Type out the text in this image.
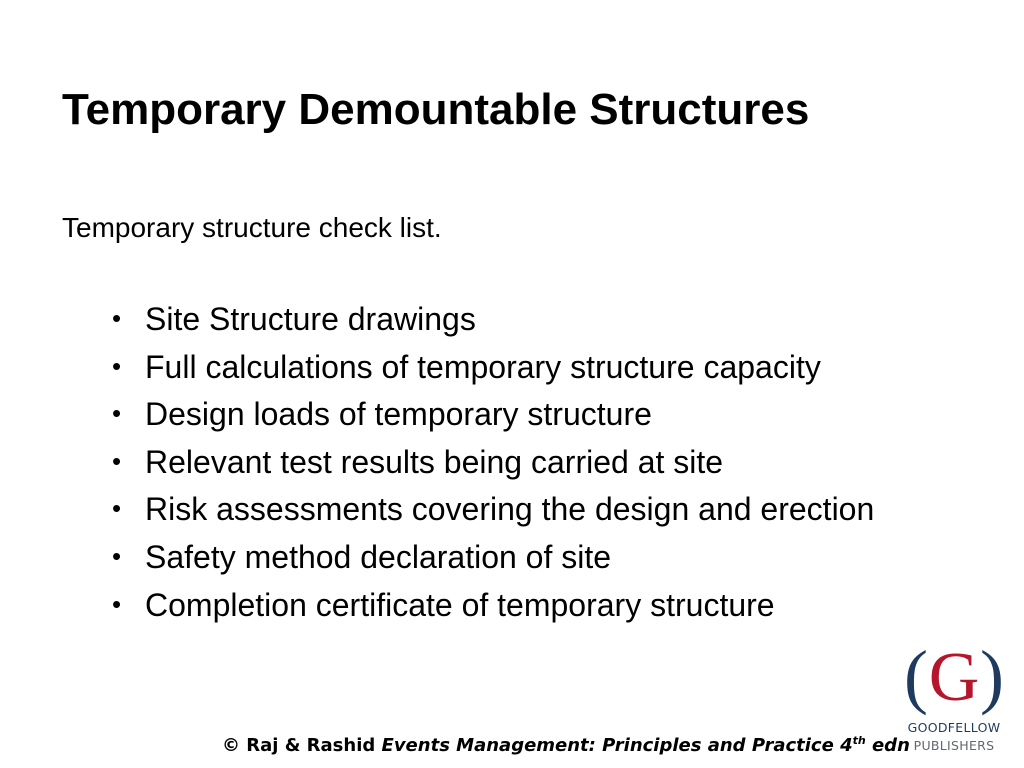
Temporary Demountable Structures

Temporary structure check list.

• Site Structure drawings
• Full calculations of temporary structure capacity
• Design loads of temporary structure
• Relevant test results being carried at site
• Risk assessments covering the design and erection
• Safety method declaration of site
• Completion certificate of temporary structure
( G )
GOODFELLOW
PUBLISHERS
© Raj & Rashid Events Management: Principles and Practice 4th edn
